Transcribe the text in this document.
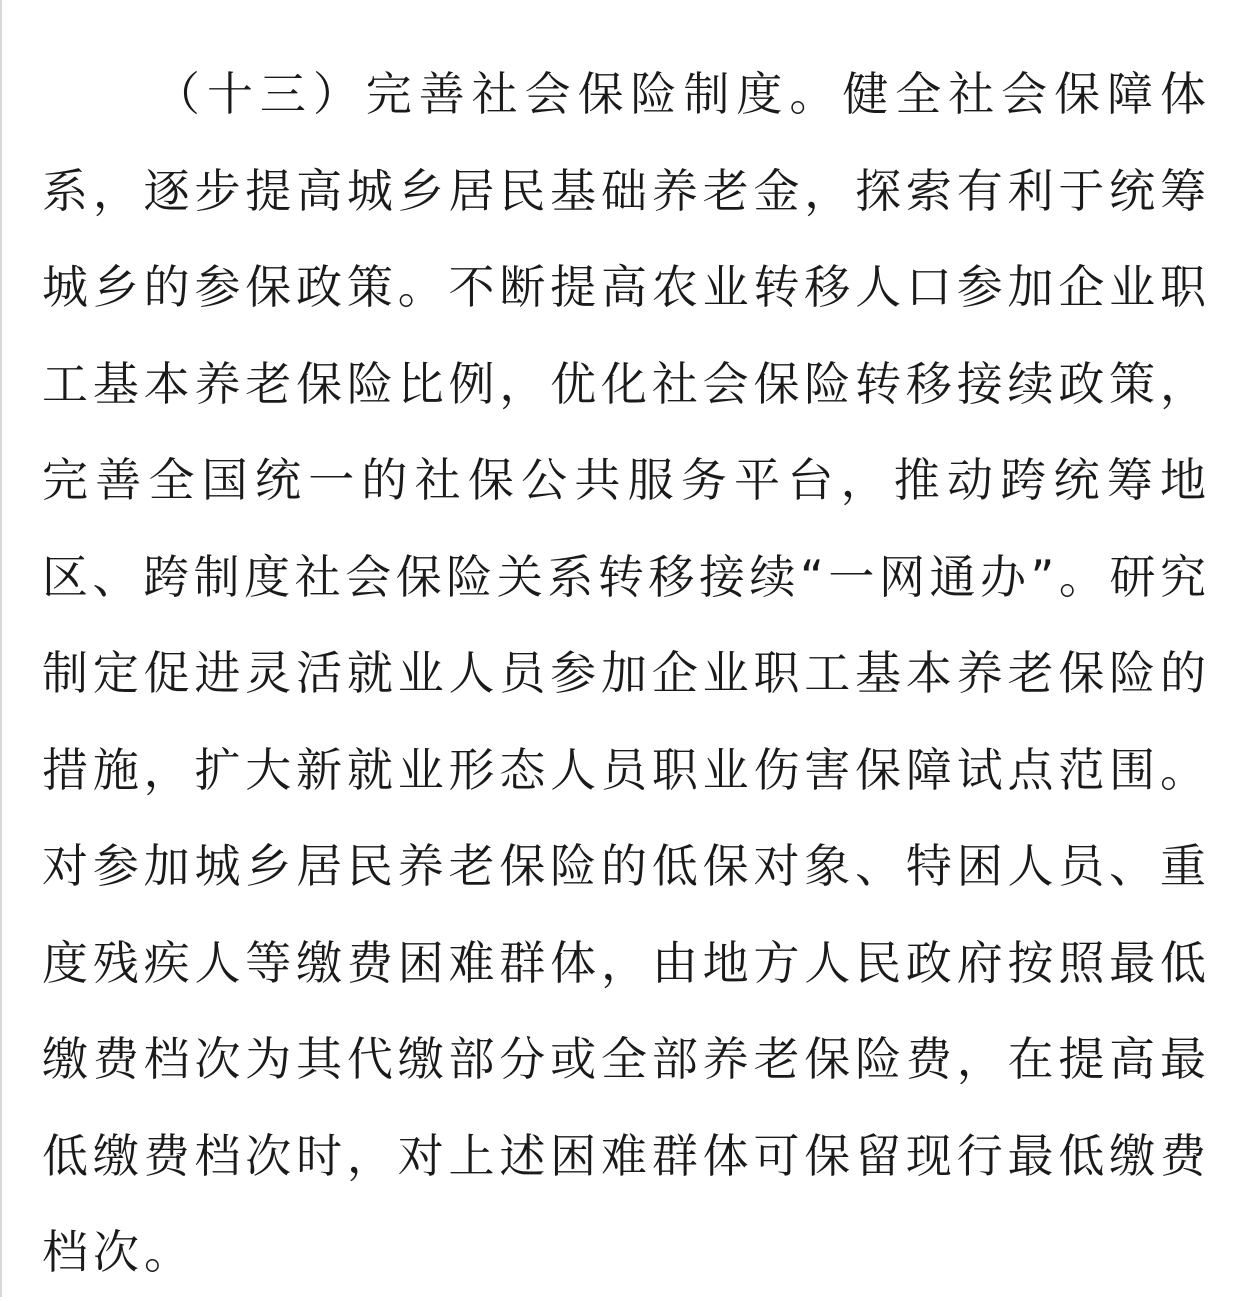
（十三）完善社会保险制度。健全社会保障体
系，逐步提高城乡居民基础养老金，探索有利于统筹
城乡的参保政策。不断提高农业转移人口参加企业职
工基本养老保险比例，优化社会保险转移接续政策，
完善全国统一的社保公共服务平台，推动跨统筹地
区、跨制度社会保险关系转移接续“一网通办”。研究
制定促进灵活就业人员参加企业职工基本养老保险的
措施，扩大新就业形态人员职业伤害保障试点范围。
对参加城乡居民养老保险的低保对象、特困人员、重
度残疾人等缴费困难群体，由地方人民政府按照最低
缴费档次为其代缴部分或全部养老保险费，在提高最
低缴费档次时，对上述困难群体可保留现行最低缴费
档次。
